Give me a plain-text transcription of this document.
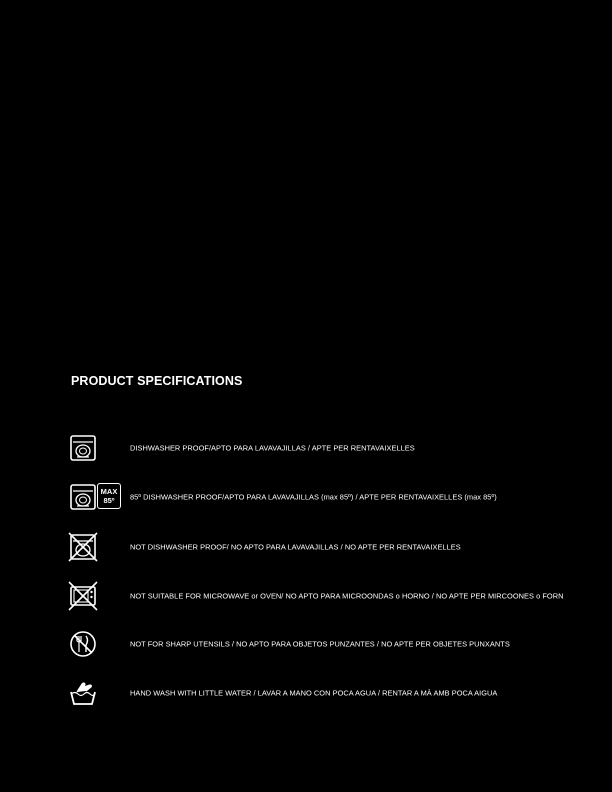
PRODUCT SPECIFICATIONS
DISHWASHER PROOF/APTO PARA LAVAVAJILLAS / APTE PER RENTAVAIXELLES
MAX
85º	85º DISHWASHER PROOF/APTO PARA LAVAVAJILLAS (max 85º) / APTE PER RENTAVAIXELLES (max 85º)
NOT DISHWASHER PROOF/ NO APTO PARA LAVAVAJILLAS / NO APTE PER RENTAVAIXELLES
NOT SUITABLE FOR MICROWAVE or OVEN/ NO APTO PARA MICROONDAS o HORNO / NO APTE PER MIRCOONES o FORN
NOT FOR SHARP UTENSILS / NO APTO PARA OBJETOS PUNZANTES / NO APTE PER OBJETES PUNXANTS
HAND WASH WITH LITTLE WATER / LAVAR A MANO CON POCA AGUA / RENTAR A MÀ AMB POCA AIGUA
